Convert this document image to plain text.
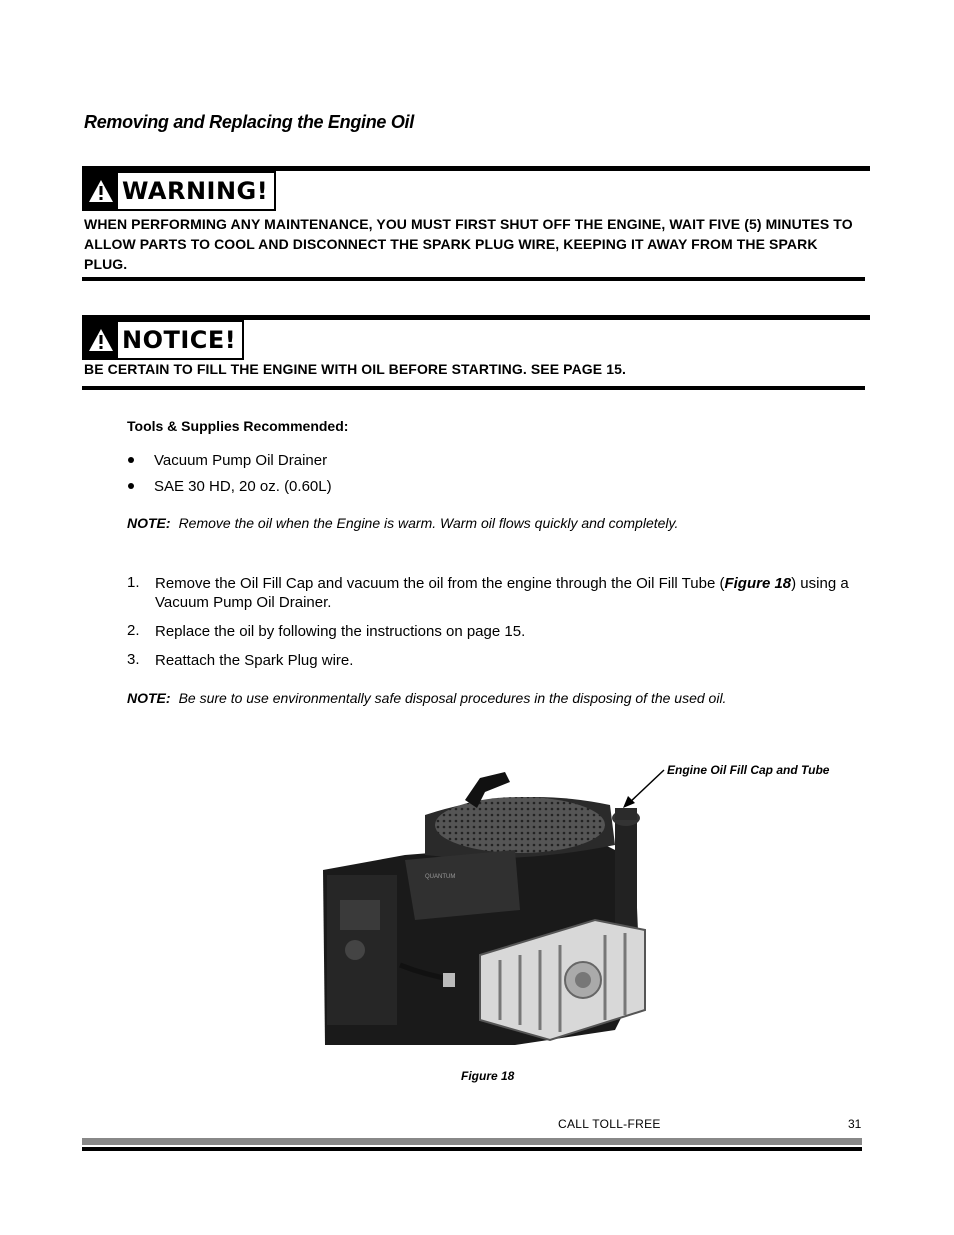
Removing and Replacing the Engine Oil
WARNING!
WHEN PERFORMING ANY MAINTENANCE, YOU MUST FIRST SHUT OFF THE ENGINE, WAIT FIVE (5) MINUTES TO ALLOW PARTS TO COOL AND DISCONNECT THE SPARK PLUG WIRE, KEEPING IT AWAY FROM THE SPARK PLUG.
NOTICE!
BE CERTAIN TO FILL THE ENGINE WITH OIL BEFORE STARTING. SEE PAGE 15.
Tools & Supplies Recommended:
Vacuum Pump Oil Drainer
SAE 30 HD, 20 oz. (0.60L)
NOTE: Remove the oil when the Engine is warm. Warm oil flows quickly and completely.
1. Remove the Oil Fill Cap and vacuum the oil from the engine through the Oil Fill Tube (Figure 18) using a Vacuum Pump Oil Drainer.
2. Replace the oil by following the instructions on page 15.
3. Reattach the Spark Plug wire.
NOTE: Be sure to use environmentally safe disposal procedures in the disposing of the used oil.
Engine Oil Fill Cap and Tube
QUANTUM
Figure 18
CALL TOLL-FREE	31
